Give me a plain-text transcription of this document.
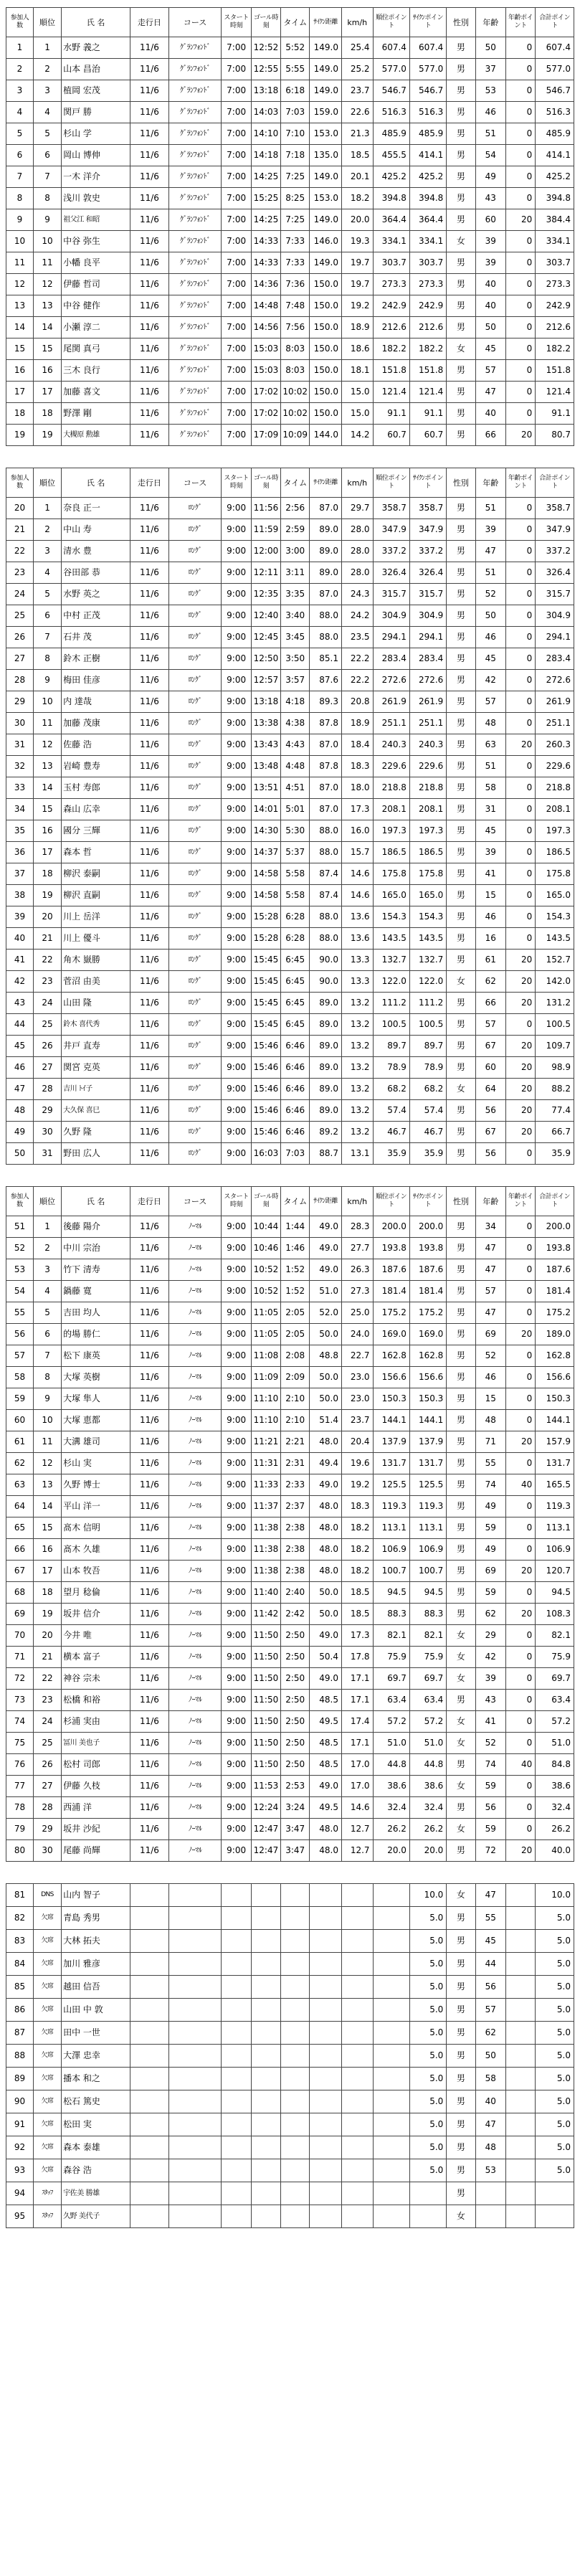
参加人数	順位	氏 名	走行日	コース	スタート時刻	ゴール時刻	タイム	ｻｲｸﾝ距離	km/h	順位ポイント	ｻｲｸﾝポイント	性別	年齢	年齢ポイント	合計ポイント
1	1	水野 義之	11/6	ｸﾞﾗﾝﾌｫﾝﾄﾞ	7:00	12:52	5:52	149.0	25.4	607.4	607.4	男	50	0	607.4
2	2	山本 昌治	11/6	ｸﾞﾗﾝﾌｫﾝﾄﾞ	7:00	12:55	5:55	149.0	25.2	577.0	577.0	男	37	0	577.0
3	3	植岡 宏茂	11/6	ｸﾞﾗﾝﾌｫﾝﾄﾞ	7:00	13:18	6:18	149.0	23.7	546.7	546.7	男	53	0	546.7
4	4	関戸 勝	11/6	ｸﾞﾗﾝﾌｫﾝﾄﾞ	7:00	14:03	7:03	159.0	22.6	516.3	516.3	男	46	0	516.3
5	5	杉山 学	11/6	ｸﾞﾗﾝﾌｫﾝﾄﾞ	7:00	14:10	7:10	153.0	21.3	485.9	485.9	男	51	0	485.9
6	6	岡山 博伸	11/6	ｸﾞﾗﾝﾌｫﾝﾄﾞ	7:00	14:18	7:18	135.0	18.5	455.5	414.1	男	54	0	414.1
7	7	一木 洋介	11/6	ｸﾞﾗﾝﾌｫﾝﾄﾞ	7:00	14:25	7:25	149.0	20.1	425.2	425.2	男	49	0	425.2
8	8	浅川 敦史	11/6	ｸﾞﾗﾝﾌｫﾝﾄﾞ	7:00	15:25	8:25	153.0	18.2	394.8	394.8	男	43	0	394.8
9	9	祖父江 和昭	11/6	ｸﾞﾗﾝﾌｫﾝﾄﾞ	7:00	14:25	7:25	149.0	20.0	364.4	364.4	男	60	20	384.4
10	10	中谷 弥生	11/6	ｸﾞﾗﾝﾌｫﾝﾄﾞ	7:00	14:33	7:33	146.0	19.3	334.1	334.1	女	39	0	334.1
11	11	小幡 良平	11/6	ｸﾞﾗﾝﾌｫﾝﾄﾞ	7:00	14:33	7:33	149.0	19.7	303.7	303.7	男	39	0	303.7
12	12	伊藤 哲司	11/6	ｸﾞﾗﾝﾌｫﾝﾄﾞ	7:00	14:36	7:36	150.0	19.7	273.3	273.3	男	40	0	273.3
13	13	中谷 健作	11/6	ｸﾞﾗﾝﾌｫﾝﾄﾞ	7:00	14:48	7:48	150.0	19.2	242.9	242.9	男	40	0	242.9
14	14	小瀬 淳二	11/6	ｸﾞﾗﾝﾌｫﾝﾄﾞ	7:00	14:56	7:56	150.0	18.9	212.6	212.6	男	50	0	212.6
15	15	尾関 真弓	11/6	ｸﾞﾗﾝﾌｫﾝﾄﾞ	7:00	15:03	8:03	150.0	18.6	182.2	182.2	女	45	0	182.2
16	16	三木 良行	11/6	ｸﾞﾗﾝﾌｫﾝﾄﾞ	7:00	15:03	8:03	150.0	18.1	151.8	151.8	男	57	0	151.8
17	17	加藤 喜文	11/6	ｸﾞﾗﾝﾌｫﾝﾄﾞ	7:00	17:02	10:02	150.0	15.0	121.4	121.4	男	47	0	121.4
18	18	野澤 剛	11/6	ｸﾞﾗﾝﾌｫﾝﾄﾞ	7:00	17:02	10:02	150.0	15.0	91.1	91.1	男	40	0	91.1
19	19	大槻原 勲雄	11/6	ｸﾞﾗﾝﾌｫﾝﾄﾞ	7:00	17:09	10:09	144.0	14.2	60.7	60.7	男	66	20	80.7
参加人数	順位	氏 名	走行日	コース	スタート時刻	ゴール時刻	タイム	ｻｲｸﾝ距離	km/h	順位ポイント	ｻｲｸﾝポイント	性別	年齢	年齢ポイント	合計ポイント
20	1	奈良 正一	11/6	ﾛﾝｸﾞ	9:00	11:56	2:56	87.0	29.7	358.7	358.7	男	51	0	358.7
21	2	中山 寿	11/6	ﾛﾝｸﾞ	9:00	11:59	2:59	89.0	28.0	347.9	347.9	男	39	0	347.9
22	3	清水 豊	11/6	ﾛﾝｸﾞ	9:00	12:00	3:00	89.0	28.0	337.2	337.2	男	47	0	337.2
23	4	谷田部 恭	11/6	ﾛﾝｸﾞ	9:00	12:11	3:11	89.0	28.0	326.4	326.4	男	51	0	326.4
24	5	水野 英之	11/6	ﾛﾝｸﾞ	9:00	12:35	3:35	87.0	24.3	315.7	315.7	男	52	0	315.7
25	6	中村 正茂	11/6	ﾛﾝｸﾞ	9:00	12:40	3:40	88.0	24.2	304.9	304.9	男	50	0	304.9
26	7	石井 茂	11/6	ﾛﾝｸﾞ	9:00	12:45	3:45	88.0	23.5	294.1	294.1	男	46	0	294.1
27	8	鈴木 正樹	11/6	ﾛﾝｸﾞ	9:00	12:50	3:50	85.1	22.2	283.4	283.4	男	45	0	283.4
28	9	梅田 佳彦	11/6	ﾛﾝｸﾞ	9:00	12:57	3:57	87.6	22.2	272.6	272.6	男	42	0	272.6
29	10	内 達哉	11/6	ﾛﾝｸﾞ	9:00	13:18	4:18	89.3	20.8	261.9	261.9	男	57	0	261.9
30	11	加藤 茂康	11/6	ﾛﾝｸﾞ	9:00	13:38	4:38	87.8	18.9	251.1	251.1	男	48	0	251.1
31	12	佐藤 浩	11/6	ﾛﾝｸﾞ	9:00	13:43	4:43	87.0	18.4	240.3	240.3	男	63	20	260.3
32	13	岩崎 豊寿	11/6	ﾛﾝｸﾞ	9:00	13:48	4:48	87.8	18.3	229.6	229.6	男	51	0	229.6
33	14	玉村 寿郎	11/6	ﾛﾝｸﾞ	9:00	13:51	4:51	87.0	18.0	218.8	218.8	男	58	0	218.8
34	15	森山 広幸	11/6	ﾛﾝｸﾞ	9:00	14:01	5:01	87.0	17.3	208.1	208.1	男	31	0	208.1
35	16	國分 三輝	11/6	ﾛﾝｸﾞ	9:00	14:30	5:30	88.0	16.0	197.3	197.3	男	45	0	197.3
36	17	森本 哲	11/6	ﾛﾝｸﾞ	9:00	14:37	5:37	88.0	15.7	186.5	186.5	男	39	0	186.5
37	18	柳沢 泰嗣	11/6	ﾛﾝｸﾞ	9:00	14:58	5:58	87.4	14.6	175.8	175.8	男	41	0	175.8
38	19	柳沢 直嗣	11/6	ﾛﾝｸﾞ	9:00	14:58	5:58	87.4	14.6	165.0	165.0	男	15	0	165.0
39	20	川上 岳洋	11/6	ﾛﾝｸﾞ	9:00	15:28	6:28	88.0	13.6	154.3	154.3	男	46	0	154.3
40	21	川上 優斗	11/6	ﾛﾝｸﾞ	9:00	15:28	6:28	88.0	13.6	143.5	143.5	男	16	0	143.5
41	22	角木 嶽勝	11/6	ﾛﾝｸﾞ	9:00	15:45	6:45	90.0	13.3	132.7	132.7	男	61	20	152.7
42	23	菅沼 由美	11/6	ﾛﾝｸﾞ	9:00	15:45	6:45	90.0	13.3	122.0	122.0	女	62	20	142.0
43	24	山田 隆	11/6	ﾛﾝｸﾞ	9:00	15:45	6:45	89.0	13.2	111.2	111.2	男	66	20	131.2
44	25	鈴木 喜代秀	11/6	ﾛﾝｸﾞ	9:00	15:45	6:45	89.0	13.2	100.5	100.5	男	57	0	100.5
45	26	井戸 直寿	11/6	ﾛﾝｸﾞ	9:00	15:46	6:46	89.0	13.2	89.7	89.7	男	67	20	109.7
46	27	関宮 克英	11/6	ﾛﾝｸﾞ	9:00	15:46	6:46	89.0	13.2	78.9	78.9	男	60	20	98.9
47	28	吉川 ﾄｲ子	11/6	ﾛﾝｸﾞ	9:00	15:46	6:46	89.0	13.2	68.2	68.2	女	64	20	88.2
48	29	大久保 喜巳	11/6	ﾛﾝｸﾞ	9:00	15:46	6:46	89.0	13.2	57.4	57.4	男	56	20	77.4
49	30	久野 隆	11/6	ﾛﾝｸﾞ	9:00	15:46	6:46	89.2	13.2	46.7	46.7	男	67	20	66.7
50	31	野田 広人	11/6	ﾛﾝｸﾞ	9:00	16:03	7:03	88.7	13.1	35.9	35.9	男	56	0	35.9
参加人数	順位	氏 名	走行日	コース	スタート時刻	ゴール時刻	タイム	ｻｲｸﾝ距離	km/h	順位ポイント	ｻｲｸﾝポイント	性別	年齢	年齢ポイント	合計ポイント
51	1	後藤 陽介	11/6	ﾉｰﾏﾙ	9:00	10:44	1:44	49.0	28.3	200.0	200.0	男	34	0	200.0
52	2	中川 宗治	11/6	ﾉｰﾏﾙ	9:00	10:46	1:46	49.0	27.7	193.8	193.8	男	47	0	193.8
53	3	竹下 清寿	11/6	ﾉｰﾏﾙ	9:00	10:52	1:52	49.0	26.3	187.6	187.6	男	47	0	187.6
54	4	鍋藤 寛	11/6	ﾉｰﾏﾙ	9:00	10:52	1:52	51.0	27.3	181.4	181.4	男	57	0	181.4
55	5	吉田 均人	11/6	ﾉｰﾏﾙ	9:00	11:05	2:05	52.0	25.0	175.2	175.2	男	47	0	175.2
56	6	的場 勝仁	11/6	ﾉｰﾏﾙ	9:00	11:05	2:05	50.0	24.0	169.0	169.0	男	69	20	189.0
57	7	松下 康英	11/6	ﾉｰﾏﾙ	9:00	11:08	2:08	48.8	22.7	162.8	162.8	男	52	0	162.8
58	8	大塚 英樹	11/6	ﾉｰﾏﾙ	9:00	11:09	2:09	50.0	23.0	156.6	156.6	男	46	0	156.6
59	9	大塚 隼人	11/6	ﾉｰﾏﾙ	9:00	11:10	2:10	50.0	23.0	150.3	150.3	男	15	0	150.3
60	10	大塚 恵都	11/6	ﾉｰﾏﾙ	9:00	11:10	2:10	51.4	23.7	144.1	144.1	男	48	0	144.1
61	11	大溝 雄司	11/6	ﾉｰﾏﾙ	9:00	11:21	2:21	48.0	20.4	137.9	137.9	男	71	20	157.9
62	12	杉山 実	11/6	ﾉｰﾏﾙ	9:00	11:31	2:31	49.4	19.6	131.7	131.7	男	55	0	131.7
63	13	久野 博士	11/6	ﾉｰﾏﾙ	9:00	11:33	2:33	49.0	19.2	125.5	125.5	男	74	40	165.5
64	14	平山 洋一	11/6	ﾉｰﾏﾙ	9:00	11:37	2:37	48.0	18.3	119.3	119.3	男	49	0	119.3
65	15	髙木 信明	11/6	ﾉｰﾏﾙ	9:00	11:38	2:38	48.0	18.2	113.1	113.1	男	59	0	113.1
66	16	髙木 久雄	11/6	ﾉｰﾏﾙ	9:00	11:38	2:38	48.0	18.2	106.9	106.9	男	49	0	106.9
67	17	山本 牧吾	11/6	ﾉｰﾏﾙ	9:00	11:38	2:38	48.0	18.2	100.7	100.7	男	69	20	120.7
68	18	望月 稔倫	11/6	ﾉｰﾏﾙ	9:00	11:40	2:40	50.0	18.5	94.5	94.5	男	59	0	94.5
69	19	坂井 信介	11/6	ﾉｰﾏﾙ	9:00	11:42	2:42	50.0	18.5	88.3	88.3	男	62	20	108.3
70	20	今井 唯	11/6	ﾉｰﾏﾙ	9:00	11:50	2:50	49.0	17.3	82.1	82.1	女	29	0	82.1
71	21	横本 富子	11/6	ﾉｰﾏﾙ	9:00	11:50	2:50	50.4	17.8	75.9	75.9	女	42	0	75.9
72	22	神谷 宗未	11/6	ﾉｰﾏﾙ	9:00	11:50	2:50	49.0	17.1	69.7	69.7	女	39	0	69.7
73	23	松橋 和裕	11/6	ﾉｰﾏﾙ	9:00	11:50	2:50	48.5	17.1	63.4	63.4	男	43	0	63.4
74	24	杉浦 実由	11/6	ﾉｰﾏﾙ	9:00	11:50	2:50	49.5	17.4	57.2	57.2	女	41	0	57.2
75	25	冨川 美也子	11/6	ﾉｰﾏﾙ	9:00	11:50	2:50	48.5	17.1	51.0	51.0	女	52	0	51.0
76	26	松村 司郎	11/6	ﾉｰﾏﾙ	9:00	11:50	2:50	48.5	17.0	44.8	44.8	男	74	40	84.8
77	27	伊藤 久枝	11/6	ﾉｰﾏﾙ	9:00	11:53	2:53	49.0	17.0	38.6	38.6	女	59	0	38.6
78	28	西浦 洋	11/6	ﾉｰﾏﾙ	9:00	12:24	3:24	49.5	14.6	32.4	32.4	男	56	0	32.4
79	29	坂井 沙紀	11/6	ﾉｰﾏﾙ	9:00	12:47	3:47	48.0	12.7	26.2	26.2	女	59	0	26.2
80	30	尾藤 尚輝	11/6	ﾉｰﾏﾙ	9:00	12:47	3:47	48.0	12.7	20.0	20.0	男	72	20	40.0
81	DNS	山内 智子									10.0	女	47		10.0
82	欠席	青島 秀男									5.0	男	55		5.0
83	欠席	大林 拓夫									5.0	男	45		5.0
84	欠席	加川 雅彦									5.0	男	44		5.0
85	欠席	越田 信吾									5.0	男	56		5.0
86	欠席	山田 中 敦									5.0	男	57		5.0
87	欠席	田中 一世									5.0	男	62		5.0
88	欠席	大澤 忠幸									5.0	男	50		5.0
89	欠席	播本 和之									5.0	男	58		5.0
90	欠席	松石 篤史									5.0	男	40		5.0
91	欠席	松田 実									5.0	男	47		5.0
92	欠席	森本 泰雄									5.0	男	48		5.0
93	欠席	森谷 浩									5.0	男	53		5.0
94	ｽﾀｯﾌ	宇佐美 勝雄										男			
95	ｽﾀｯﾌ	久野 美代子										女			
